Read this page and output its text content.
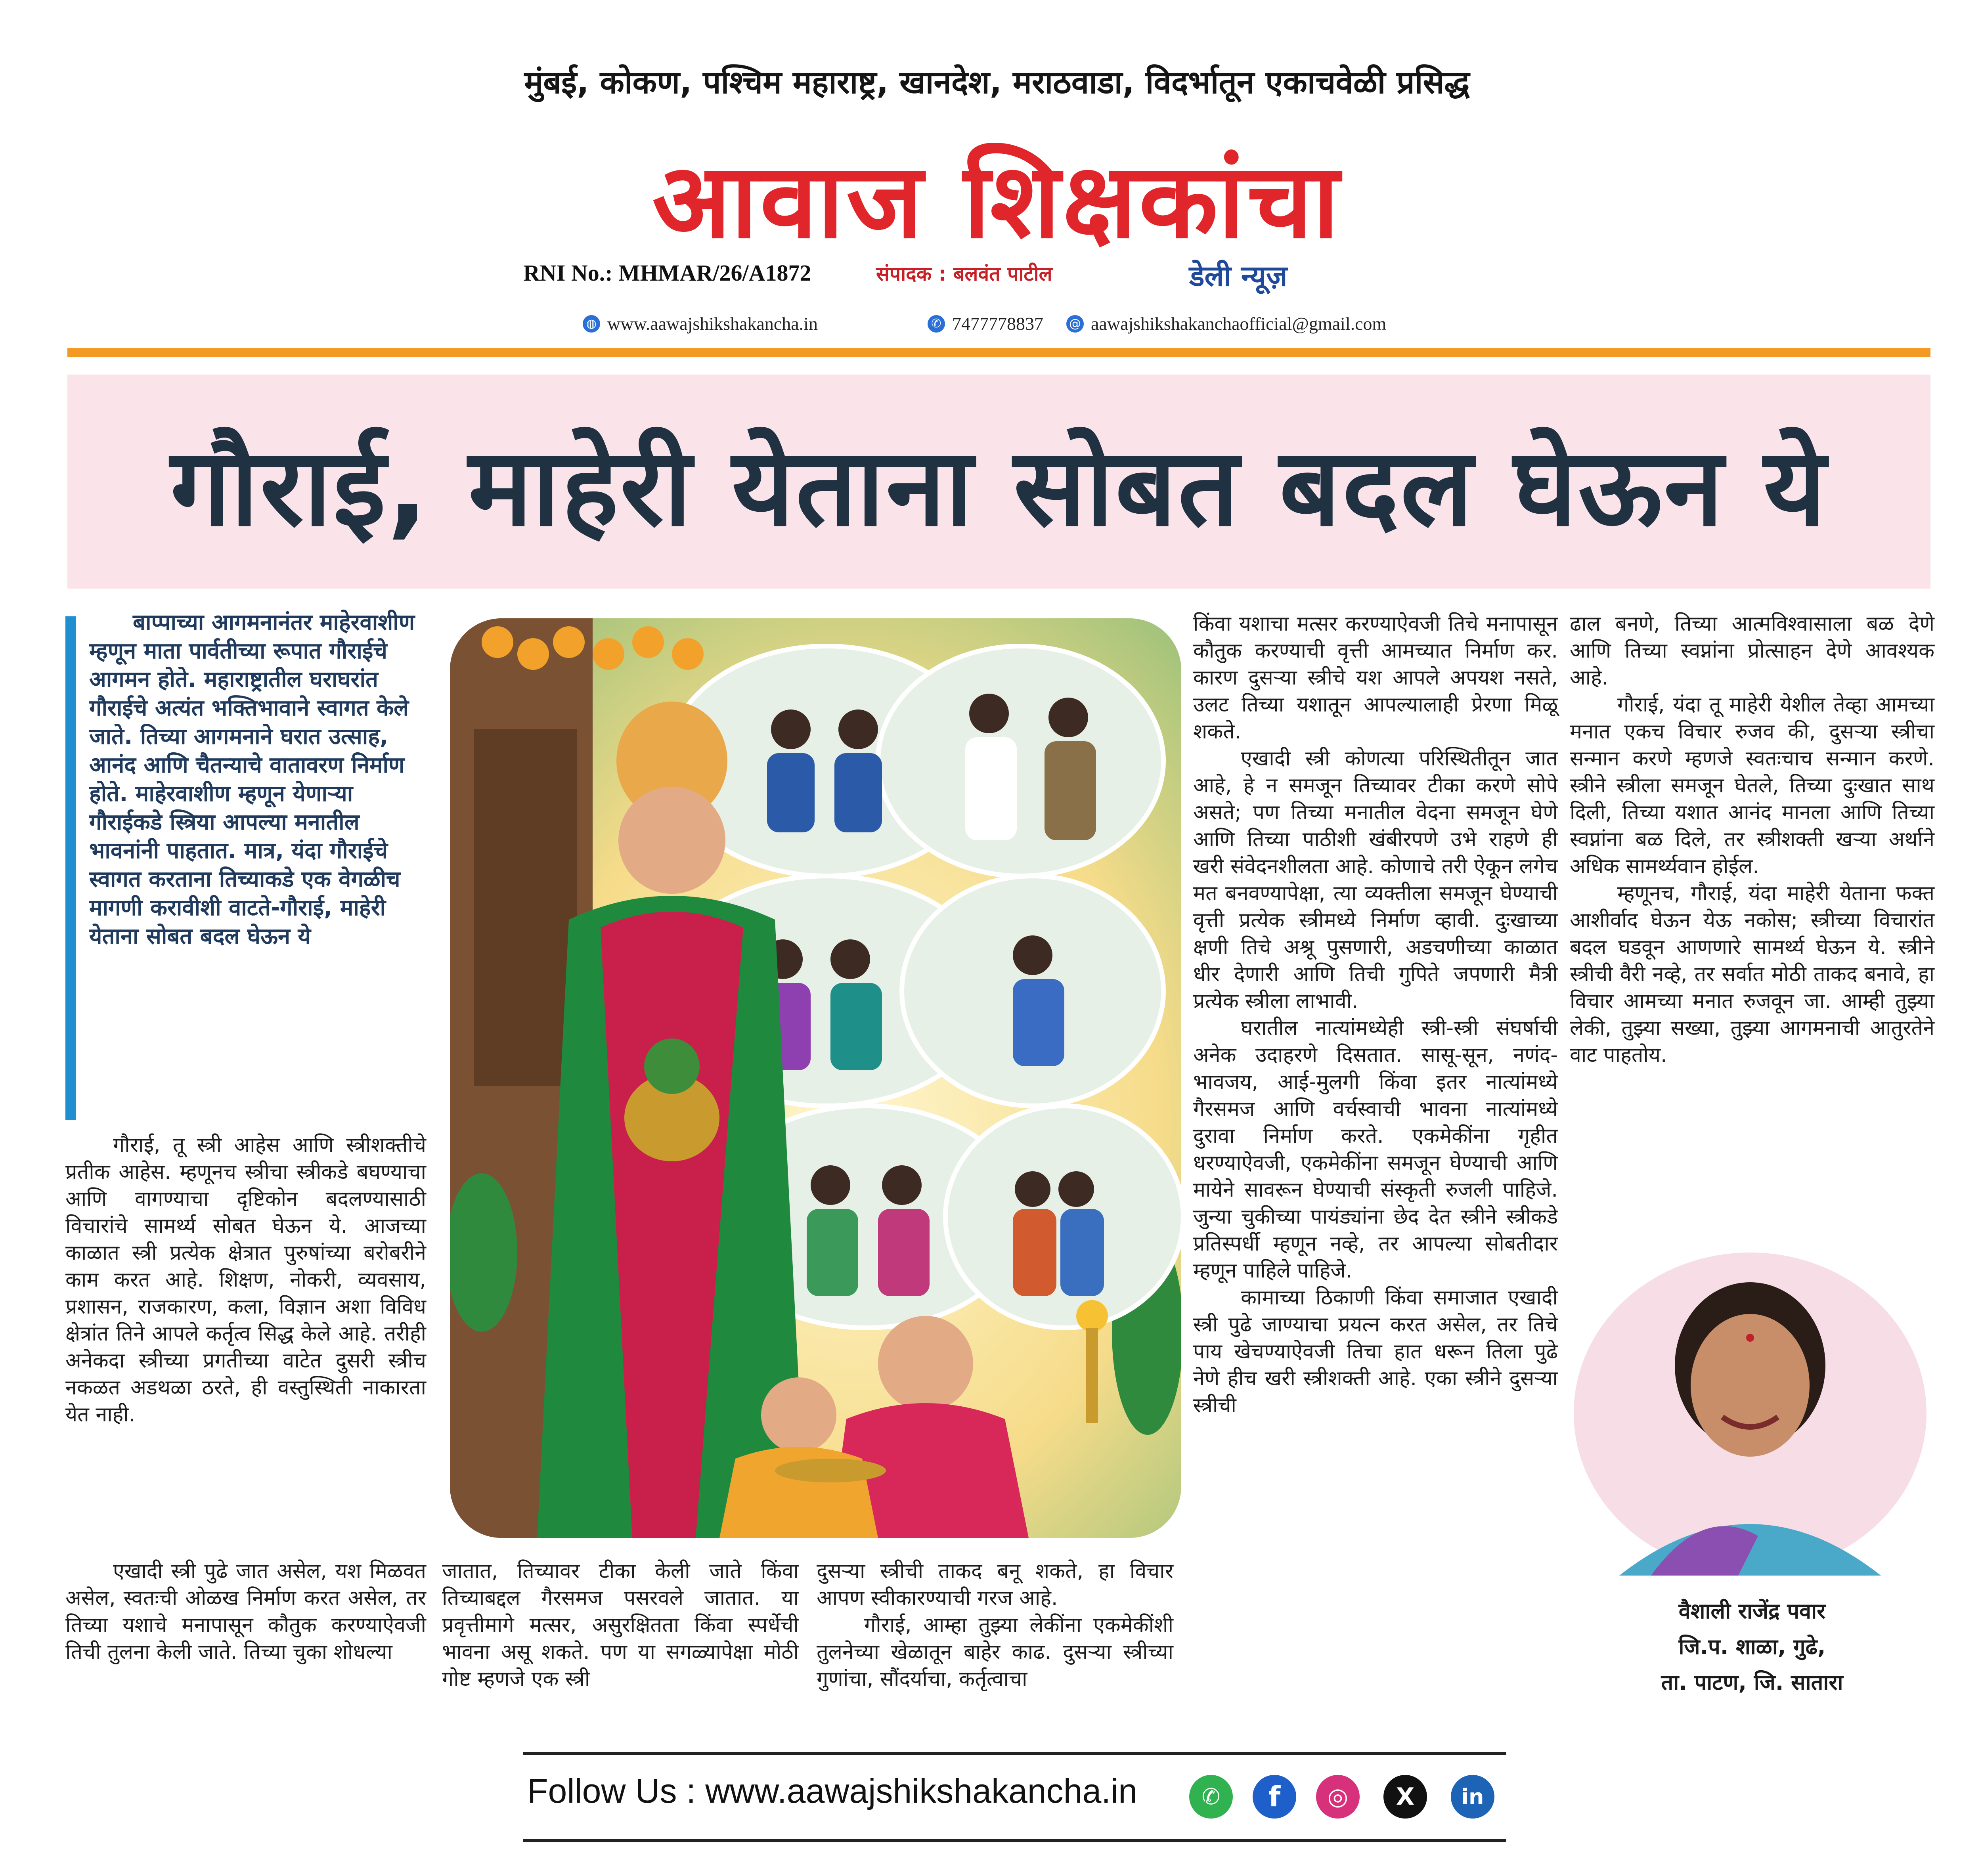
मुंबई, कोकण, पश्चिम महाराष्ट्र, खानदेश, मराठवाडा, विदर्भातून एकाचवेळी प्रसिद्ध
आवाज शिक्षकांचा
RNI No.: MHMAR/26/A1872	संपादक : बलवंत पाटील	डेली न्यूज़
◍ www.aawajshikshakancha.in	✆ 7477778837 @ aawajshikshakanchaofficial@gmail.com
गौराई, माहेरी येताना सोबत बदल घेऊन ये
बाप्पाच्या आगमनानंतर माहेरवाशीण म्हणून माता पार्वतीच्या रूपात गौराईचे आगमन होते. महाराष्ट्रातील घराघरांत गौराईचे अत्यंत भक्तिभावाने स्वागत केले जाते. तिच्या आगमनाने घरात उत्साह, आनंद आणि चैतन्याचे वातावरण निर्माण होते. माहेरवाशीण म्हणून येणाऱ्या गौराईकडे स्त्रिया आपल्या मनातील भावनांनी पाहतात. मात्र, यंदा गौराईचे स्वागत करताना तिच्याकडे एक वेगळीच मागणी करावीशी वाटते-गौराई, माहेरी येताना सोबत बदल घेऊन ये

गौराई, तू स्त्री आहेस आणि स्त्रीशक्तीचे प्रतीक आहेस. म्हणूनच स्त्रीचा स्त्रीकडे बघण्याचा आणि वागण्याचा दृष्टिकोन बदलण्यासाठी विचारांचे सामर्थ्य सोबत घेऊन ये. आजच्या काळात स्त्री प्रत्येक क्षेत्रात पुरुषांच्या बरोबरीने काम करत आहे. शिक्षण, नोकरी, व्यवसाय, प्रशासन, राजकारण, कला, विज्ञान अशा विविध क्षेत्रांत तिने आपले कर्तृत्व सिद्ध केले आहे. तरीही अनेकदा स्त्रीच्या प्रगतीच्या वाटेत दुसरी स्त्रीच नकळत अडथळा ठरते, ही वस्तुस्थिती नाकारता येत नाही.

एखादी स्त्री पुढे जात असेल, यश मिळवत असेल, स्वतःची ओळख निर्माण करत असेल, तर तिच्या यशाचे मनापासून कौतुक करण्याऐवजी तिची तुलना केली जाते. तिच्या चुका शोधल्या

जातात, तिच्यावर टीका केली जाते किंवा तिच्याबद्दल गैरसमज पसरवले जातात. या प्रवृत्तीमागे मत्सर, असुरक्षितता किंवा स्पर्धेची भावना असू शकते. पण या सगळ्यापेक्षा मोठी गोष्ट म्हणजे एक स्त्री

दुसऱ्या स्त्रीची ताकद बनू शकते, हा विचार आपण स्वीकारण्याची गरज आहे.

गौराई, आम्हा तुझ्या लेकींना एकमेकींशी तुलनेच्या खेळातून बाहेर काढ. दुसऱ्या स्त्रीच्या गुणांचा, सौंदर्याचा, कर्तृत्वाचा

किंवा यशाचा मत्सर करण्याऐवजी तिचे मनापासून कौतुक करण्याची वृत्ती आमच्यात निर्माण कर. कारण दुसऱ्या स्त्रीचे यश आपले अपयश नसते, उलट तिच्या यशातून आपल्यालाही प्रेरणा मिळू शकते.

एखादी स्त्री कोणत्या परिस्थितीतून जात आहे, हे न समजून तिच्यावर टीका करणे सोपे असते; पण तिच्या मनातील वेदना समजून घेणे आणि तिच्या पाठीशी खंबीरपणे उभे राहणे ही खरी संवेदनशीलता आहे. कोणाचे तरी ऐकून लगेच मत बनवण्यापेक्षा, त्या व्यक्तीला समजून घेण्याची वृत्ती प्रत्येक स्त्रीमध्ये निर्माण व्हावी. दुःखाच्या क्षणी तिचे अश्रू पुसणारी, अडचणीच्या काळात धीर देणारी आणि तिची गुपिते जपणारी मैत्री प्रत्येक स्त्रीला लाभावी.

घरातील नात्यांमध्येही स्त्री-स्त्री संघर्षाची अनेक उदाहरणे दिसतात. सासू-सून, नणंद-भावजय, आई-मुलगी किंवा इतर नात्यांमध्ये गैरसमज आणि वर्चस्वाची भावना नात्यांमध्ये दुरावा निर्माण करते. एकमेकींना गृहीत धरण्याऐवजी, एकमेकींना समजून घेण्याची आणि मायेने सावरून घेण्याची संस्कृती रुजली पाहिजे. जुन्या चुकीच्या पायंड्यांना छेद देत स्त्रीने स्त्रीकडे प्रतिस्पर्धी म्हणून नव्हे, तर आपल्या सोबतीदार म्हणून पाहिले पाहिजे.

कामाच्या ठिकाणी किंवा समाजात एखादी स्त्री पुढे जाण्याचा प्रयत्न करत असेल, तर तिचे पाय खेचण्याऐवजी तिचा हात धरून तिला पुढे नेणे हीच खरी स्त्रीशक्ती आहे. एका स्त्रीने दुसऱ्या स्त्रीची

ढाल बनणे, तिच्या आत्मविश्वासाला बळ देणे आणि तिच्या स्वप्नांना प्रोत्साहन देणे आवश्यक आहे.

गौराई, यंदा तू माहेरी येशील तेव्हा आमच्या मनात एकच विचार रुजव की, दुसऱ्या स्त्रीचा सन्मान करणे म्हणजे स्वतःचाच सन्मान करणे. स्त्रीने स्त्रीला समजून घेतले, तिच्या दुःखात साथ दिली, तिच्या यशात आनंद मानला आणि तिच्या स्वप्नांना बळ दिले, तर स्त्रीशक्ती खऱ्या अर्थाने अधिक सामर्थ्यवान होईल.

म्हणूनच, गौराई, यंदा माहेरी येताना फक्त आशीर्वाद घेऊन येऊ नकोस; स्त्रीच्या विचारांत बदल घडवून आणणारे सामर्थ्य घेऊन ये. स्त्रीने स्त्रीची वैरी नव्हे, तर सर्वात मोठी ताकद बनावे, हा विचार आमच्या मनात रुजवून जा. आम्ही तुझ्या लेकी, तुझ्या सख्या, तुझ्या आगमनाची आतुरतेने वाट पाहतोय.

वैशाली राजेंद्र पवार
जि.प. शाळा, गुढे,
ता. पाटण, जि. सातारा
Follow Us : www.aawajshikshakancha.in	✆	f	◎	X	in
